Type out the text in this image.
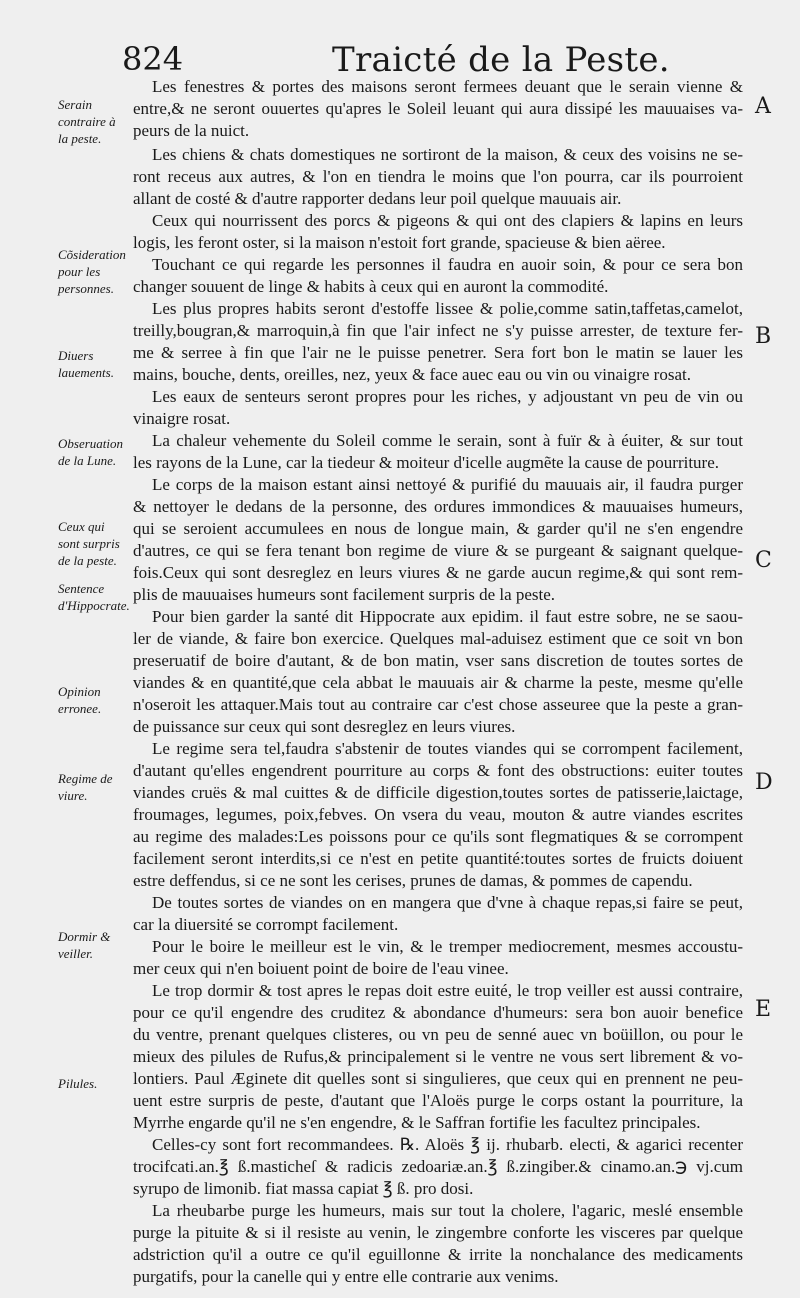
824	Traicté de la Peste.
A
B
C
D
E
Serain contraire à la peste.
Cõsideration pour les personnes.
Diuers lauements.
Obseruation de la Lune.
Ceux qui sont surpris de la peste.
Sentence d'Hippocrate.
Opinion erronee.
Regime de viure.
Dormir & veiller.
Pilules.
Les fenestres & portes des maisons seront fermees deuant que le serain vienne &
entre,& ne seront ouuertes qu'apres le Soleil leuant qui aura dissipé les mauuaises va-
peurs de la nuict.
Les chiens & chats domestiques ne sortiront de la maison, & ceux des voisins ne se-
ront receus aux autres, & l'on en tiendra le moins que l'on pourra, car ils pourroient
allant de costé & d'autre rapporter dedans leur poil quelque mauuais air.
Ceux qui nourrissent des porcs & pigeons & qui ont des clapiers & lapins en leurs
logis, les feront oster, si la maison n'estoit fort grande, spacieuse & bien aëree.
Touchant ce qui regarde les personnes il faudra en auoir soin, & pour ce sera bon
changer souuent de linge & habits à ceux qui en auront la commodité.
Les plus propres habits seront d'estoffe lissee & polie,comme satin,taffetas,camelot,
treilly,bougran,& marroquin,à fin que l'air infect ne s'y puisse arrester, de texture fer-
me & serree à fin que l'air ne le puisse penetrer. Sera fort bon le matin se lauer les
mains, bouche, dents, oreilles, nez, yeux & face auec eau ou vin ou vinaigre rosat.
Les eaux de senteurs seront propres pour les riches, y adjoustant vn peu de vin ou
vinaigre rosat.
La chaleur vehemente du Soleil comme le serain, sont à fuïr & à éuiter, & sur tout
les rayons de la Lune, car la tiedeur & moiteur d'icelle augmẽte la cause de pourriture.
Le corps de la maison estant ainsi nettoyé & purifié du mauuais air, il faudra purger
& nettoyer le dedans de la personne, des ordures immondices & mauuaises humeurs,
qui se seroient accumulees en nous de longue main, & garder qu'il ne s'en engendre
d'autres, ce qui se fera tenant bon regime de viure & se purgeant & saignant quelque-
fois.Ceux qui sont desreglez en leurs viures & ne garde aucun regime,& qui sont rem-
plis de mauuaises humeurs sont facilement surpris de la peste.
Pour bien garder la santé dit Hippocrate aux epidim. il faut estre sobre, ne se saou-
ler de viande, & faire bon exercice. Quelques mal-aduisez estiment que ce soit vn bon
preseruatif de boire d'autant, & de bon matin, vser sans discretion de toutes sortes de
viandes & en quantité,que cela abbat le mauuais air & charme la peste, mesme qu'elle
n'oseroit les attaquer.Mais tout au contraire car c'est chose asseuree que la peste a gran-
de puissance sur ceux qui sont desreglez en leurs viures.
Le regime sera tel,faudra s'abstenir de toutes viandes qui se corrompent facilement,
d'autant qu'elles engendrent pourriture au corps & font des obstructions: euiter toutes
viandes cruës & mal cuittes & de difficile digestion,toutes sortes de patisserie,laictage,
froumages, legumes, poix,febves. On vsera du veau, mouton & autre viandes escrites
au regime des malades:Les poissons pour ce qu'ils sont flegmatiques & se corrompent
facilement seront interdits,si ce n'est en petite quantité:toutes sortes de fruicts doiuent
estre deffendus, si ce ne sont les cerises, prunes de damas, & pommes de capendu.
De toutes sortes de viandes on en mangera que d'vne à chaque repas,si faire se peut,
car la diuersité se corrompt facilement.
Pour le boire le meilleur est le vin, & le tremper mediocrement, mesmes accoustu-
mer ceux qui n'en boiuent point de boire de l'eau vinee.
Le trop dormir & tost apres le repas doit estre euité, le trop veiller est aussi contraire,
pour ce qu'il engendre des cruditez & abondance d'humeurs: sera bon auoir benefice
du ventre, prenant quelques clisteres, ou vn peu de senné auec vn boüillon, ou pour le
mieux des pilules de Rufus,& principalement si le ventre ne vous sert librement & vo-
lontiers. Paul Æginete dit quelles sont si singulieres, que ceux qui en prennent ne peu-
uent estre surpris de peste, d'autant que l'Aloës purge le corps ostant la pourriture, la
Myrrhe engarde qu'il ne s'en engendre, & le Saffran fortifie les facultez principales.
Celles-cy sont fort recommandees. ℞. Aloës ℥ ij. rhubarb. electi, & agarici recenter
trocifcati.an.℥ ß.masticheſ & radicis zedoariæ.an.℥ ß.zingiber.& cinamo.an.℈ vj.cum
syrupo de limonib. fiat massa capiat ℥ ß. pro dosi.
La rheubarbe purge les humeurs, mais sur tout la cholere, l'agaric, meslé ensemble
purge la pituite & si il resiste au venin, le zingembre conforte les visceres par quelque
adstriction qu'il a outre ce qu'il eguillonne & irrite la nonchalance des medicaments
purgatifs, pour la canelle qui y entre elle contrarie aux venims.
